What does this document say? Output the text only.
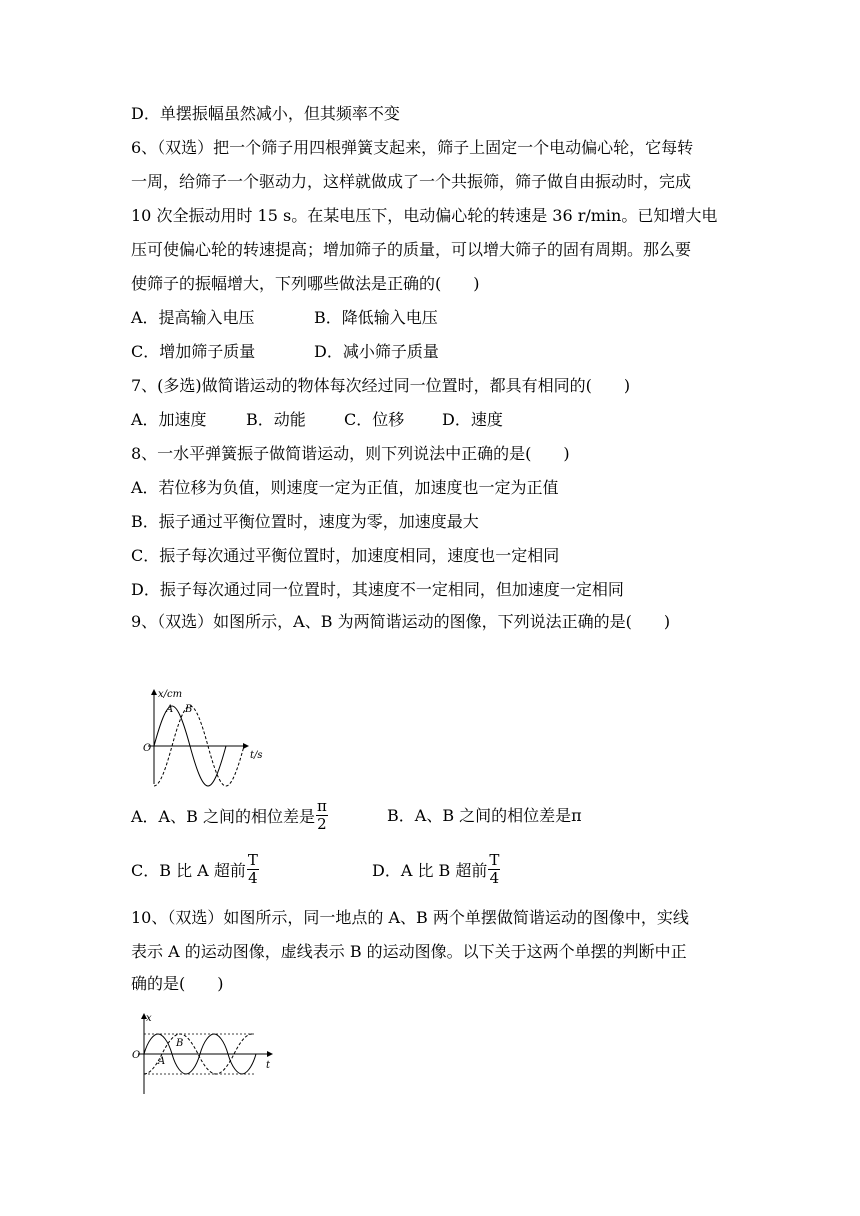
D．单摆振幅虽然减小，但其频率不变
6、（双选）把一个筛子用四根弹簧支起来，筛子上固定一个电动偏心轮，它每转
一周，给筛子一个驱动力，这样就做成了一个共振筛，筛子做自由振动时，完成
10 次全振动用时 15 s。在某电压下，电动偏心轮的转速是 36 r/min。已知增大电
压可使偏心轮的转速提高；增加筛子的质量，可以增大筛子的固有周期。那么要
使筛子的振幅增大，下列哪些做法是正确的(　　)
A．提高输入电压	B．降低输入电压
C．增加筛子质量	D．减小筛子质量
7、(多选)做简谐运动的物体每次经过同一位置时，都具有相同的(　　)
A．加速度 B．动能 C．位移 D．速度
8、一水平弹簧振子做简谐运动，则下列说法中正确的是(　　)
A．若位移为负值，则速度一定为正值，加速度也一定为正值
B．振子通过平衡位置时，速度为零，加速度最大
C．振子每次通过平衡位置时，加速度相同，速度也一定相同
D．振子每次通过同一位置时，其速度不一定相同，但加速度一定相同
9、（双选）如图所示，A、B 为两简谐运动的图像，下列说法正确的是(　　)
x/cm
t/s
O
A B
A．A、B 之间的相位差是 $\frac{\pi}{2}$	B．A、B 之间的相位差是π
C．B 比 A 超前 $\frac{T}{4}$	D．A 比 B 超前 $\frac{T}{4}$
10、（双选）如图所示，同一地点的 A、B 两个单摆做简谐运动的图像中，实线
表示 A 的运动图像，虚线表示 B 的运动图像。以下关于这两个单摆的判断中正
确的是(　　)
x
t
O
B
A
